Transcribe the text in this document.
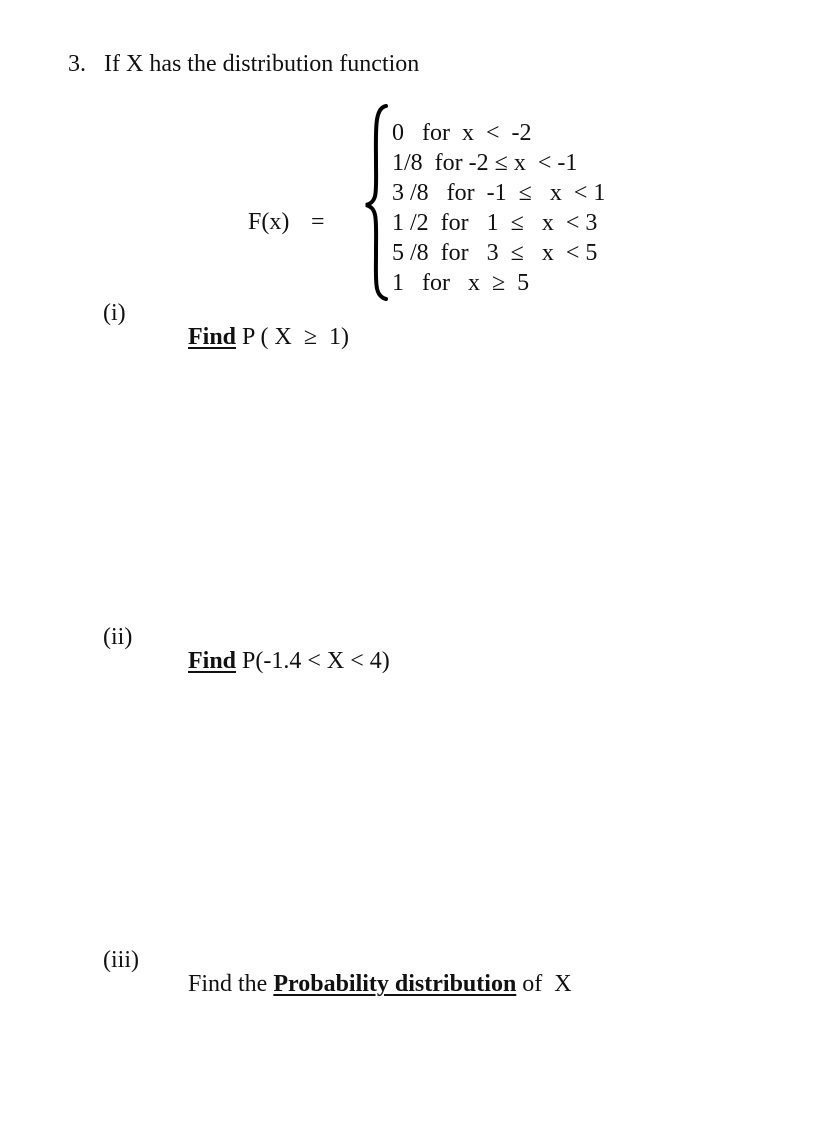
3. If X has the distribution function
F(x) =
0   for  x  <  -2
1/8  for -2 ≤ x  < -1
3 /8   for  -1  ≤   x  < 1
1 /2  for   1  ≤   x  < 3
5 /8  for   3  ≤   x  < 5
1   for   x  ≥  5
(i)

Find P ( X  ≥  1)

(ii)

Find P(-1.4 < X < 4)

(iii)

Find the Probability distribution of  X
